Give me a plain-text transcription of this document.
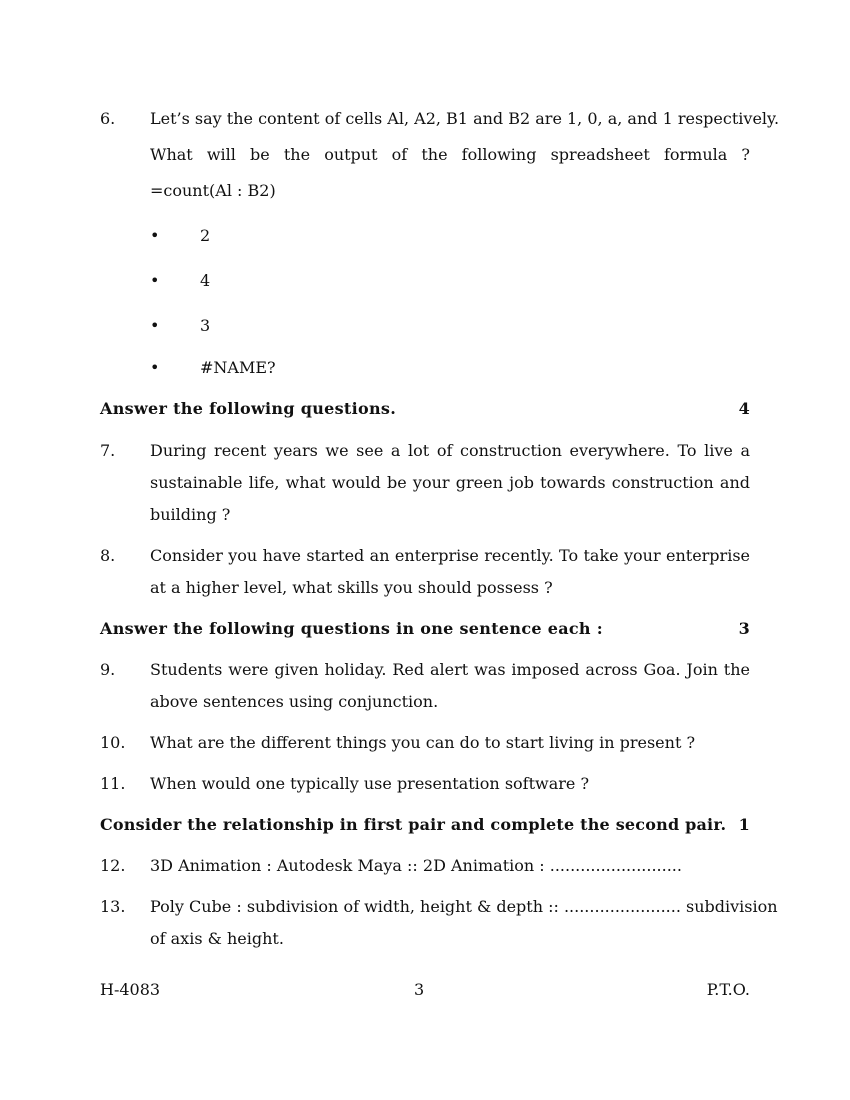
6. Let’s say the content of cells Al, A2, B1 and B2 are 1, 0, a, and 1 respectively.
What will be the output of the following spreadsheet formula ?
=count(Al : B2)
•	2
•	4
•	3
•	#NAME?
Answer the following questions.	4
7. During recent years we see a lot of construction everywhere. To live a
sustainable life, what would be your green job towards construction and
building ?
8. Consider you have started an enterprise recently. To take your enterprise
at a higher level, what skills you should possess ?
Answer the following questions in one sentence each :	3
9. Students were given holiday. Red alert was imposed across Goa. Join the
above sentences using conjunction.
10. What are the different things you can do to start living in present ?
11. When would one typically use presentation software ?
Consider the relationship in first pair and complete the second pair. 1
12. 3D Animation : Autodesk Maya :: 2D Animation : ..........................
13. Poly Cube : subdivision of width, height & depth :: ....................... subdivision
of axis & height.
H-4083	3	P.T.O.
